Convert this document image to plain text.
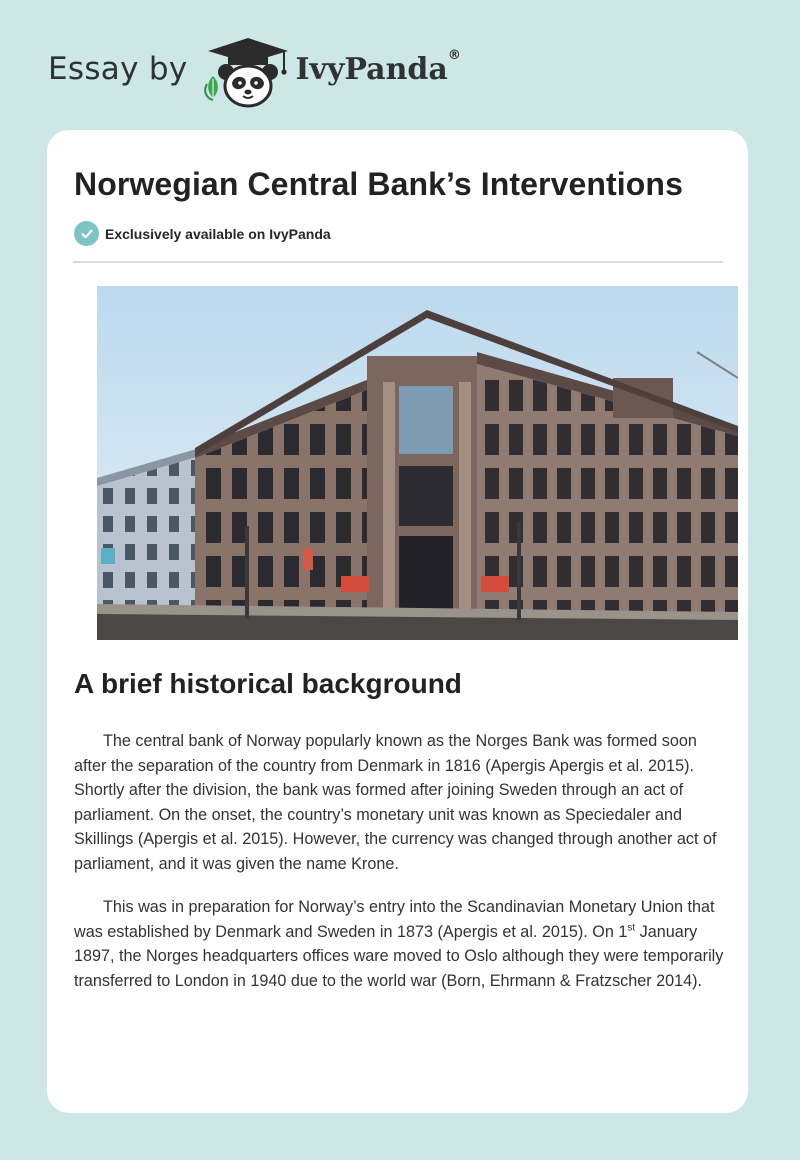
Essay by	IvyPanda®
Norwegian Central Bank’s Interventions
Exclusively available on IvyPanda
A brief historical background

The central bank of Norway popularly known as the Norges Bank was formed soon after the separation of the country from Denmark in 1816 (Apergis Apergis et al. 2015). Shortly after the division, the bank was formed after joining Sweden through an act of parliament. On the onset, the country’s monetary unit was known as Speciedaler and Skillings (Apergis et al. 2015). However, the currency was changed through another act of parliament, and it was given the name Krone.

This was in preparation for Norway’s entry into the Scandinavian Monetary Union that was established by Denmark and Sweden in 1873 (Apergis et al. 2015). On 1st January 1897, the Norges headquarters offices ware moved to Oslo although they were temporarily transferred to London in 1940 due to the world war (Born, Ehrmann & Fratzscher 2014).
